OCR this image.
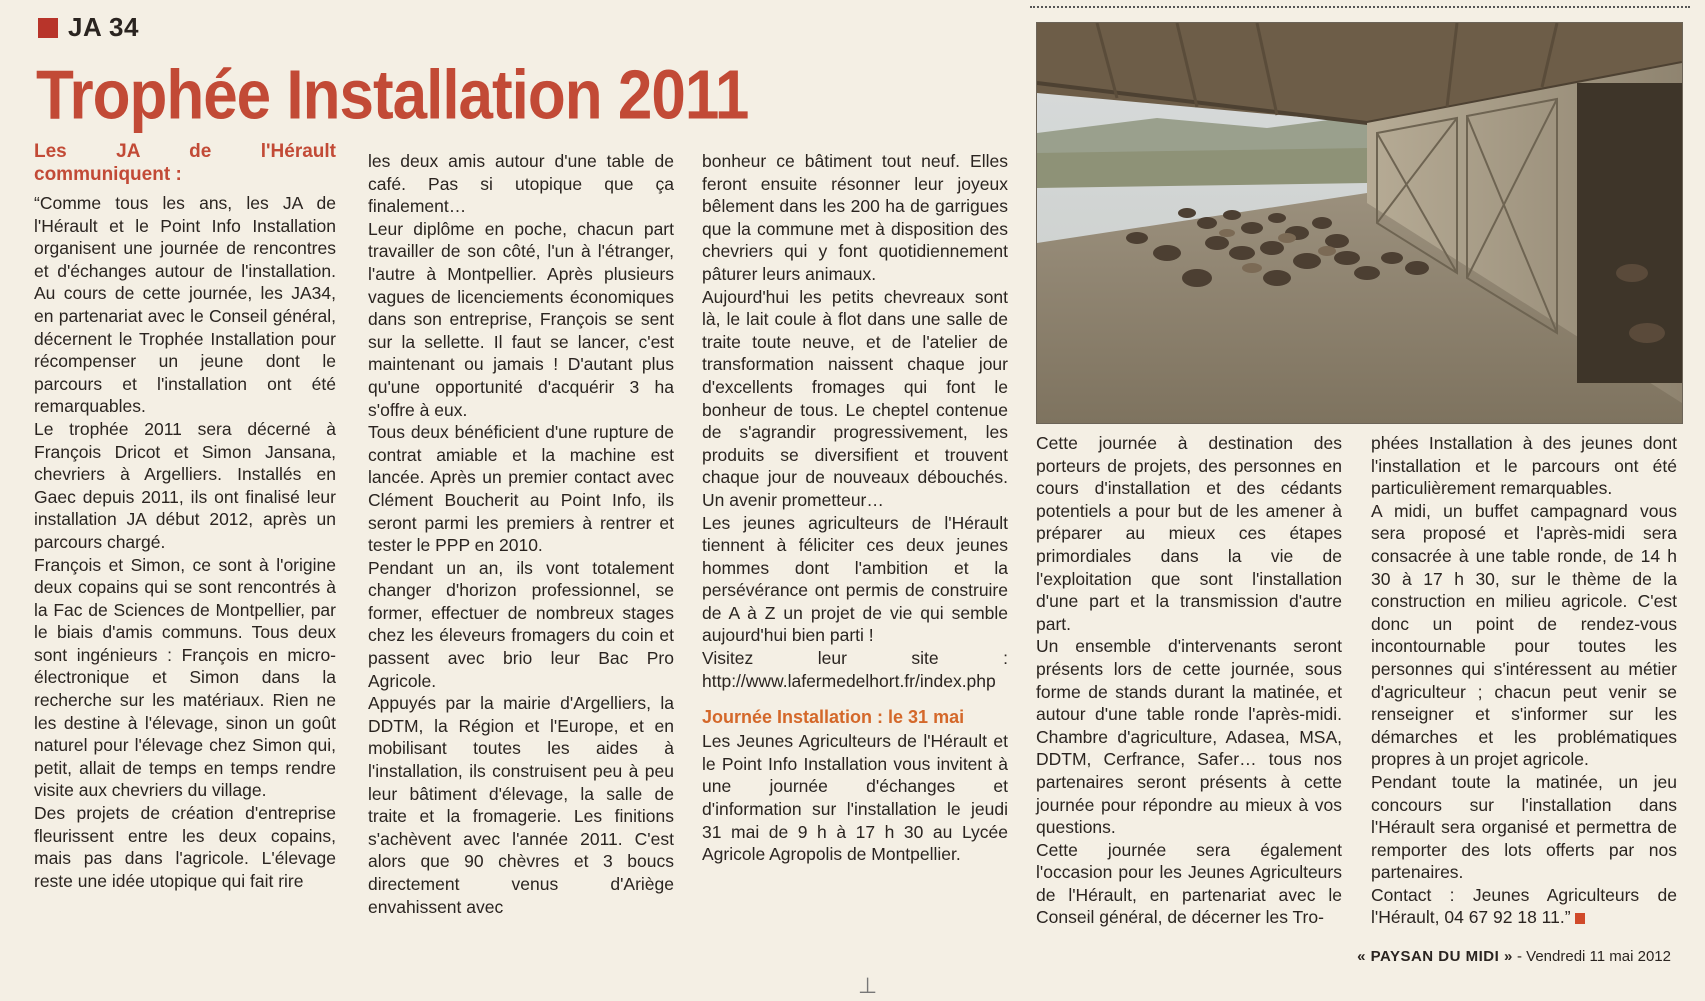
JA 34
Trophée Installation 2011

Les JA de l'Hérault communiquent :

“Comme tous les ans, les JA de l'Hérault et le Point Info Installation organisent une journée de rencontres et d'échanges autour de l'installation. Au cours de cette journée, les JA34, en partenariat avec le Conseil général, décernent le Trophée Installation pour récompenser un jeune dont le parcours et l'installation ont été remarquables.

Le trophée 2011 sera décerné à François Dricot et Simon Jansana, chevriers à Argelliers. Installés en Gaec depuis 2011, ils ont finalisé leur installation JA début 2012, après un parcours chargé.

François et Simon, ce sont à l'origine deux copains qui se sont rencontrés à la Fac de Sciences de Montpellier, par le biais d'amis communs. Tous deux sont ingénieurs : François en micro-électronique et Simon dans la recherche sur les matériaux. Rien ne les destine à l'élevage, sinon un goût naturel pour l'élevage chez Simon qui, petit, allait de temps en temps rendre visite aux chevriers du village.

Des projets de création d'entreprise fleurissent entre les deux copains, mais pas dans l'agricole. L'élevage reste une idée utopique qui fait rire

les deux amis autour d'une table de café. Pas si utopique que ça finalement…

Leur diplôme en poche, chacun part travailler de son côté, l'un à l'étranger, l'autre à Montpellier. Après plusieurs vagues de licenciements économiques dans son entreprise, François se sent sur la sellette. Il faut se lancer, c'est maintenant ou jamais ! D'autant plus qu'une opportunité d'acquérir 3 ha s'offre à eux.

Tous deux bénéficient d'une rupture de contrat amiable et la machine est lancée. Après un premier contact avec Clément Boucherit au Point Info, ils seront parmi les premiers à rentrer et tester le PPP en 2010.

Pendant un an, ils vont totalement changer d'horizon professionnel, se former, effectuer de nombreux stages chez les éleveurs fromagers du coin et passent avec brio leur Bac Pro Agricole.

Appuyés par la mairie d'Argelliers, la DDTM, la Région et l'Europe, et en mobilisant toutes les aides à l'installation, ils construisent peu à peu leur bâtiment d'élevage, la salle de traite et la fromagerie. Les finitions s'achèvent avec l'année 2011. C'est alors que 90 chèvres et 3 boucs directement venus d'Ariège envahissent avec

bonheur ce bâtiment tout neuf. Elles feront ensuite résonner leur joyeux bêlement dans les 200 ha de garrigues que la commune met à disposition des chevriers qui y font quotidiennement pâturer leurs animaux.

Aujourd'hui les petits chevreaux sont là, le lait coule à flot dans une salle de traite toute neuve, et de l'atelier de transformation naissent chaque jour d'excellents fromages qui font le bonheur de tous. Le cheptel contenue de s'agrandir progressivement, les produits se diversifient et trouvent chaque jour de nouveaux débouchés. Un avenir prometteur…

Les jeunes agriculteurs de l'Hérault tiennent à féliciter ces deux jeunes hommes dont l'ambition et la persévérance ont permis de construire de A à Z un projet de vie qui semble aujourd'hui bien parti !

Visitez leur site : http://www.lafermedelhort.fr/index.php

Journée Installation : le 31 mai

Les Jeunes Agriculteurs de l'Hérault et le Point Info Installation vous invitent à une journée d'échanges et d'information sur l'installation le jeudi 31 mai de 9 h à 17 h 30 au Lycée Agricole Agropolis de Montpellier.

Cette journée à destination des porteurs de projets, des personnes en cours d'installation et des cédants potentiels a pour but de les amener à préparer au mieux ces étapes primordiales dans la vie de l'exploitation que sont l'installation d'une part et la transmission d'autre part.

Un ensemble d'intervenants seront présents lors de cette journée, sous forme de stands durant la matinée, et autour d'une table ronde l'après-midi. Chambre d'agriculture, Adasea, MSA, DDTM, Cerfrance, Safer… tous nos partenaires seront présents à cette journée pour répondre au mieux à vos questions.

Cette journée sera également l'occasion pour les Jeunes Agriculteurs de l'Hérault, en partenariat avec le Conseil général, de décerner les Tro-

phées Installation à des jeunes dont l'installation et le parcours ont été particulièrement remarquables.

A midi, un buffet campagnard vous sera proposé et l'après-midi sera consacrée à une table ronde, de 14 h 30 à 17 h 30, sur le thème de la construction en milieu agricole. C'est donc un point de rendez-vous incontournable pour toutes les personnes qui s'intéressent au métier d'agriculteur ; chacun peut venir se renseigner et s'informer sur les démarches et les problématiques propres à un projet agricole.

Pendant toute la matinée, un jeu concours sur l'installation dans l'Hérault sera organisé et permettra de remporter des lots offerts par nos partenaires.

Contact : Jeunes Agriculteurs de l'Hérault, 04 67 92 18 11.”

« PAYSAN DU MIDI » - Vendredi 11 mai 2012
⊥
